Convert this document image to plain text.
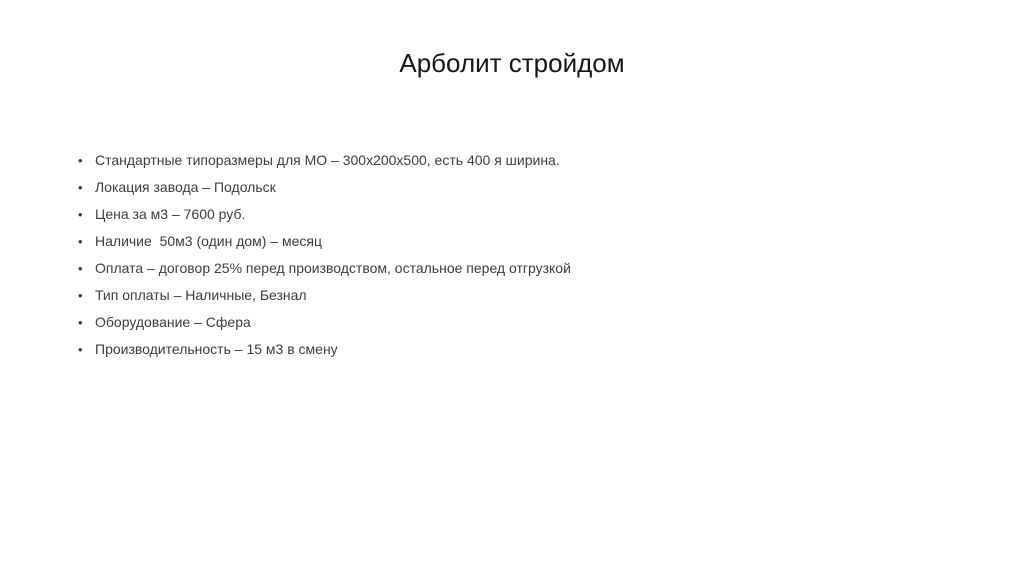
Арболит стройдом
• Стандартные типоразмеры для МО – 300х200х500, есть 400 я ширина.
• Локация завода – Подольск
• Цена за м3 – 7600 руб.
• Наличие  50м3 (один дом) – месяц
• Оплата – договор 25% перед производством, остальное перед отгрузкой
• Тип оплаты – Наличные, Безнал
• Оборудование – Сфера
• Производительность – 15 м3 в смену
